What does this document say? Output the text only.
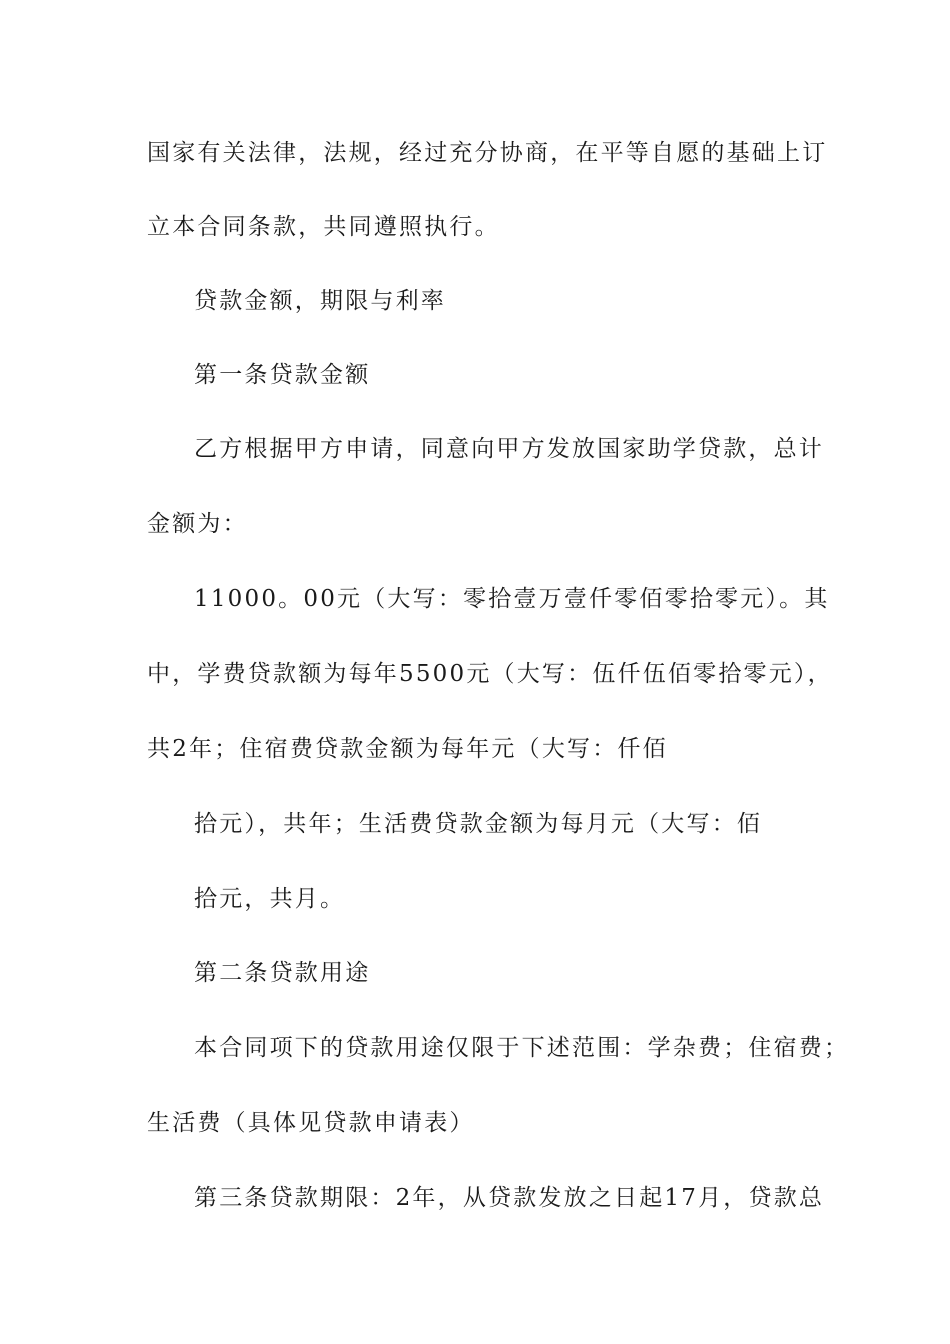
国家有关法律，法规，经过充分协商，在平等自愿的基础上订
立本合同条款，共同遵照执行。
贷款金额，期限与利率
第一条贷款金额
乙方根据甲方申请，同意向甲方发放国家助学贷款，总计
金额为：
11000。00元（大写：零拾壹万壹仟零佰零拾零元）。其
中，学费贷款额为每年5500元（大写：伍仟伍佰零拾零元），
共2年；住宿费贷款金额为每年元（大写：仟佰
拾元），共年；生活费贷款金额为每月元（大写：佰
拾元，共月。
第二条贷款用途
本合同项下的贷款用途仅限于下述范围：学杂费；住宿费；
生活费（具体见贷款申请表）
第三条贷款期限：2年，从贷款发放之日起17月，贷款总
